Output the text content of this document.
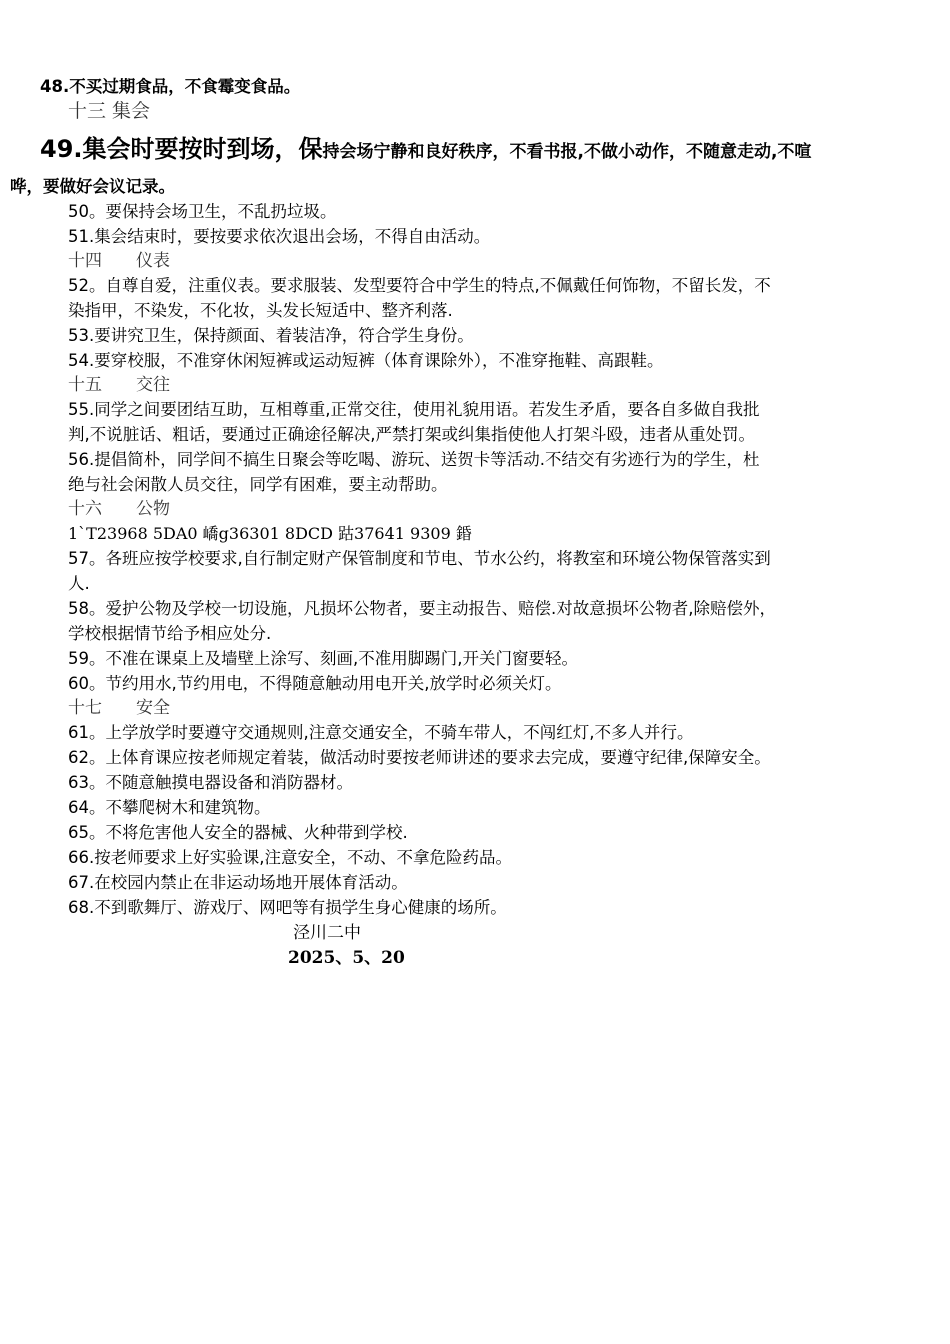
48.不买过期食品，不食霉变食品。
十三 集会
49.集会时要按时到场，保持会场宁静和良好秩序，不看书报,不做小动作，不随意走动,不喧
哗，要做好会议记录。
50。要保持会场卫生，不乱扔垃圾。
51.集会结束时，要按要求依次退出会场，不得自由活动。
十四　　仪表
52。自尊自爱，注重仪表。要求服装、发型要符合中学生的特点,不佩戴任何饰物，不留长发，不
染指甲，不染发，不化妆，头发长短适中、整齐利落.
53.要讲究卫生，保持颜面、着装洁净，符合学生身份。
54.要穿校服，不准穿休闲短裤或运动短裤（体育课除外），不准穿拖鞋、高跟鞋。
十五　　交往
55.同学之间要团结互助，互相尊重,正常交往，使用礼貌用语。若发生矛盾，要各自多做自我批
判,不说脏话、粗话，要通过正确途径解决,严禁打架或纠集指使他人打架斗殴，违者从重处罚。
56.提倡简朴，同学间不搞生日聚会等吃喝、游玩、送贺卡等活动.不结交有劣迹行为的学生，杜
绝与社会闲散人员交往，同学有困难，要主动帮助。
十六　　公物
1`T23968 5DA0 嶠g36301 8DCD 跍37641 9309 錉
57。各班应按学校要求,自行制定财产保管制度和节电、节水公约，将教室和环境公物保管落实到
人.
58。爱护公物及学校一切设施，凡损坏公物者，要主动报告、赔偿.对故意损坏公物者,除赔偿外，
学校根据情节给予相应处分.
59。不准在课桌上及墙壁上涂写、刻画,不准用脚踢门,开关门窗要轻。
60。节约用水,节约用电，不得随意触动用电开关,放学时必须关灯。
十七　　安全
61。上学放学时要遵守交通规则,注意交通安全，不骑车带人，不闯红灯,不多人并行。
62。上体育课应按老师规定着装，做活动时要按老师讲述的要求去完成，要遵守纪律,保障安全。
63。不随意触摸电器设备和消防器材。
64。不攀爬树木和建筑物。
65。不将危害他人安全的器械、火种带到学校.
66.按老师要求上好实验课,注意安全，不动、不拿危险药品。
67.在校园内禁止在非运动场地开展体育活动。
68.不到歌舞厅、游戏厅、网吧等有损学生身心健康的场所。
泾川二中
2025、5、20
